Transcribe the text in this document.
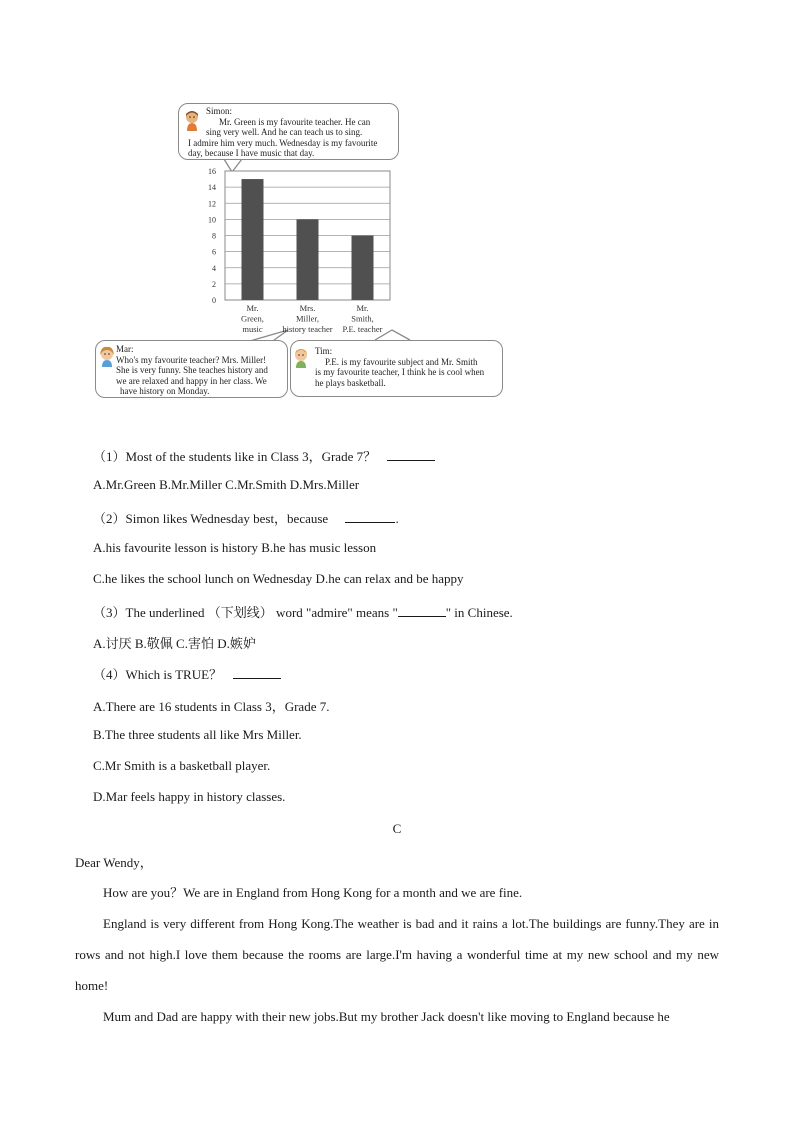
0
2
4
6
8
10
12
14
16
Mr.
Green,
music
Mrs.
Miller,
history teacher
Mr.
Smith,
P.E. teacher
Simon:
Mr. Green is my favourite teacher. He can
sing very well. And he can teach us to sing.
I admire him very much. Wednesday is my favourite
day, because I have music that day.
Mar:
Who's my favourite teacher? Mrs. Miller!
She is very funny. She teaches history and
we are relaxed and happy in her class. We
have history on Monday.
Tim:
P.E. is my favourite subject and Mr. Smith
is my favourite teacher, I think he is cool when
he plays basketball.
（1）Most of the students like in Class 3，Grade 7？
A.Mr.Green B.Mr.Miller C.Mr.Smith D.Mrs.Miller
（2）Simon likes Wednesday best，because	.
A.his favourite lesson is history B.he has music lesson
C.he likes the school lunch on Wednesday D.he can relax and be happy
（3）The underlined （下划线） word "admire" means "	" in Chinese.
A.讨厌 B.敬佩 C.害怕 D.嫉妒
（4）Which is TRUE？
A.There are 16 students in Class 3，Grade 7.
B.The three students all like Mrs Miller.
C.Mr Smith is a basketball player.
D.Mar feels happy in history classes.
C
Dear Wendy，
How are you？We are in England from Hong Kong for a month and we are fine.
England is very different from Hong Kong.The weather is bad and it rains a lot.The buildings are funny.They are in rows and not high.I love them because the rooms are large.I'm having a wonderful time at my new school and my new home!
Mum and Dad are happy with their new jobs.But my brother Jack doesn't like moving to England because he
